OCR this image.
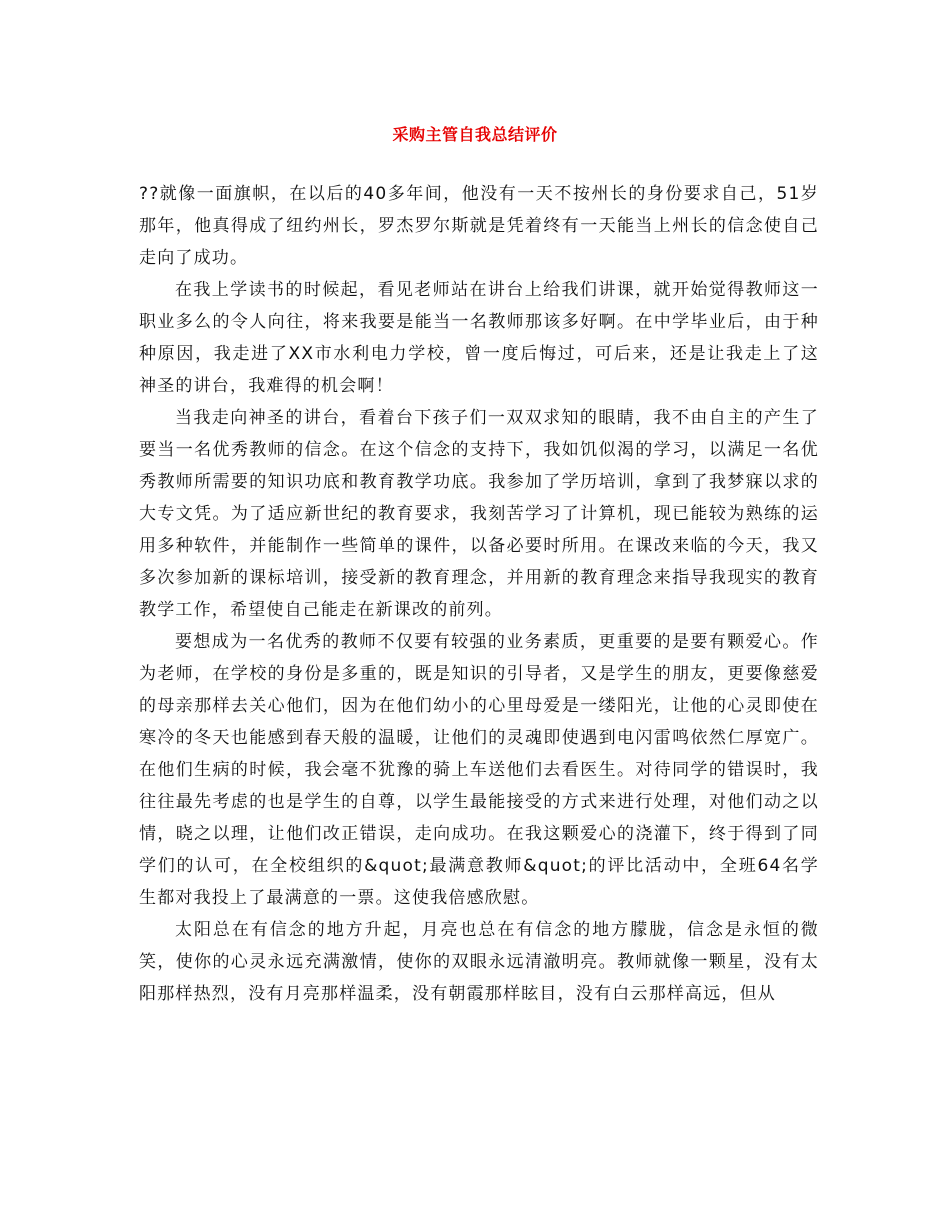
采购主管自我总结评价

??就像一面旗帜，在以后的40多年间，他没有一天不按州长的身份要求自己，51岁那年，他真得成了纽约州长，罗杰罗尔斯就是凭着终有一天能当上州长的信念使自己走向了成功。

在我上学读书的时候起，看见老师站在讲台上给我们讲课，就开始觉得教师这一职业多么的令人向往，将来我要是能当一名教师那该多好啊。在中学毕业后，由于种种原因，我走进了XX市水利电力学校，曾一度后悔过，可后来，还是让我走上了这神圣的讲台，我难得的机会啊！

当我走向神圣的讲台，看着台下孩子们一双双求知的眼睛，我不由自主的产生了要当一名优秀教师的信念。在这个信念的支持下，我如饥似渴的学习，以满足一名优秀教师所需要的知识功底和教育教学功底。我参加了学历培训，拿到了我梦寐以求的大专文凭。为了适应新世纪的教育要求，我刻苦学习了计算机，现已能较为熟练的运用多种软件，并能制作一些简单的课件，以备必要时所用。在课改来临的今天，我又多次参加新的课标培训，接受新的教育理念，并用新的教育理念来指导我现实的教育教学工作，希望使自己能走在新课改的前列。

要想成为一名优秀的教师不仅要有较强的业务素质，更重要的是要有颗爱心。作为老师，在学校的身份是多重的，既是知识的引导者，又是学生的朋友，更要像慈爱的母亲那样去关心他们，因为在他们幼小的心里母爱是一缕阳光，让他的心灵即使在寒冷的冬天也能感到春天般的温暖，让他们的灵魂即使遇到电闪雷鸣依然仁厚宽广。在他们生病的时候，我会毫不犹豫的骑上车送他们去看医生。对待同学的错误时，我往往最先考虑的也是学生的自尊，以学生最能接受的方式来进行处理，对他们动之以情，晓之以理，让他们改正错误，走向成功。在我这颗爱心的浇灌下，终于得到了同学们的认可，在全校组织的&quot;最满意教师&quot;的评比活动中，全班64名学生都对我投上了最满意的一票。这使我倍感欣慰。

太阳总在有信念的地方升起，月亮也总在有信念的地方朦胧，信念是永恒的微笑，使你的心灵永远充满激情，使你的双眼永远清澈明亮。教师就像一颗星，没有太阳那样热烈，没有月亮那样温柔，没有朝霞那样眩目，没有白云那样高远，但从
